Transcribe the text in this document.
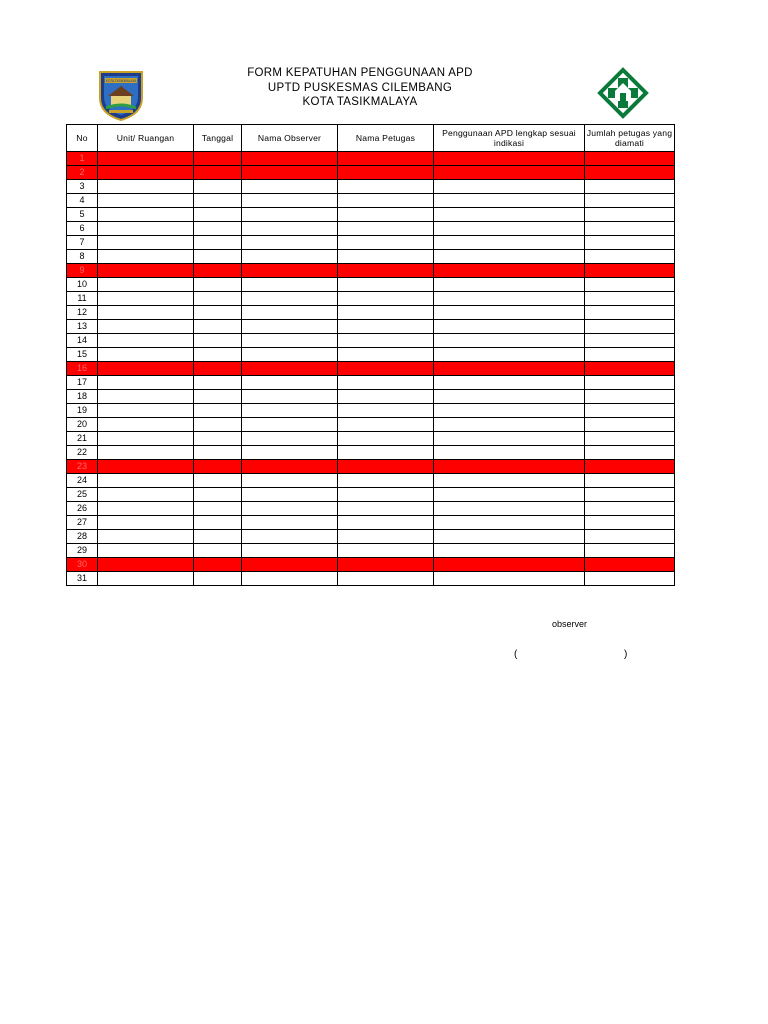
KOTA TASIKMALAYA
FORM KEPATUHAN PENGGUNAAN APD
UPTD PUSKESMAS CILEMBANG
KOTA TASIKMALAYA
No	Unit/ Ruangan	Tanggal	Nama Observer	Nama Petugas	Penggunaan APD lengkap sesuai indikasi	Jumlah petugas yang diamati
1						
2						
3						
4						
5						
6						
7						
8						
9						
10						
11						
12						
13						
14						
15						
16						
17						
18						
19						
20						
21						
22						
23						
24						
25						
26						
27						
28						
29						
30						
31						
observer
(	)
